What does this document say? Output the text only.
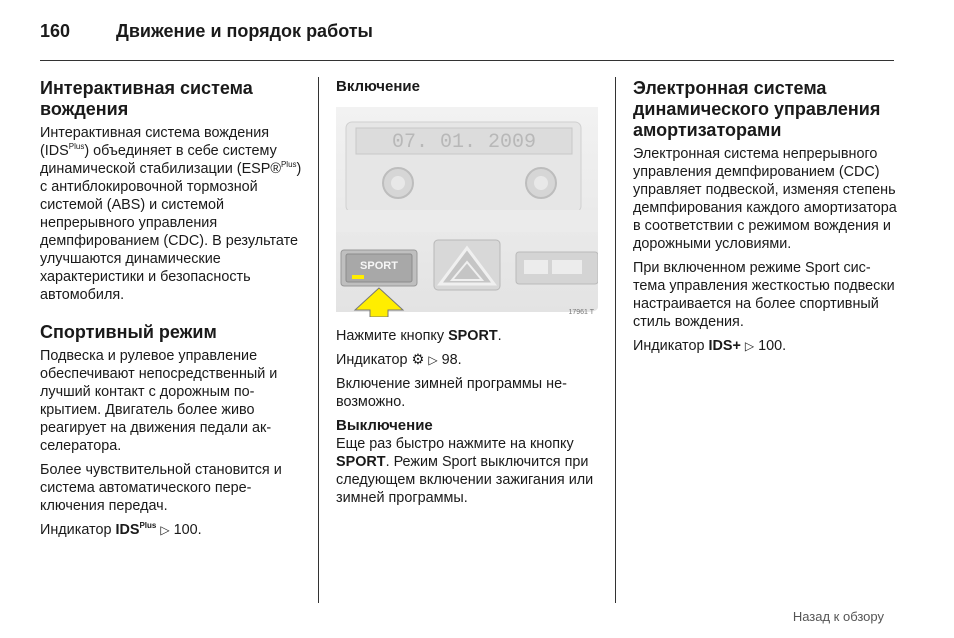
160	Движение и порядок работы
Интерактивная система вождения

Интерактивная система вождения $(IDS^{Plus})$ объединяет в себе систему динамической стабилизации (ESP®$^{Plus}$) с антиблокировочной тормозной системой (ABS) и системой непрерывного управления демпфированием (CDC). В результате улучшаются динамические характеристики и безопасность автомобиля.

Спортивный режим

Подвеска и рулевое управление обеспечивают непосредственный и лучший контакт с дорожным покрытием. Двигатель более живо реагирует на движения педали акселератора.

Более чувствительной становится и система автоматического переключения передач.

Индикатор $IDS^{Plus}$ ▷ 100.

Включение
07. 01. 2009
SPORT
17961 T

Нажмите кнопку SPORT.

Индикатор ⚙ ▷ 98.

Включение зимней программы невозможно.

Выключение

Еще раз быстро нажмите на кнопку SPORT. Режим Sport выключится при следующем включении зажигания или зимней программы.

Электронная система динамического управления амортизаторами

Электронная система непрерывного управления демпфированием (CDC) управляет подвеской, изменяя степень демпфирования каждого амортизатора в соответствии с режимом вождения и дорожными условиями.

При включенном режиме Sport система управления жесткостью подвески настраивается на более спортивный стиль вождения.

Индикатор IDS+ ▷ 100.

Назад к обзору
